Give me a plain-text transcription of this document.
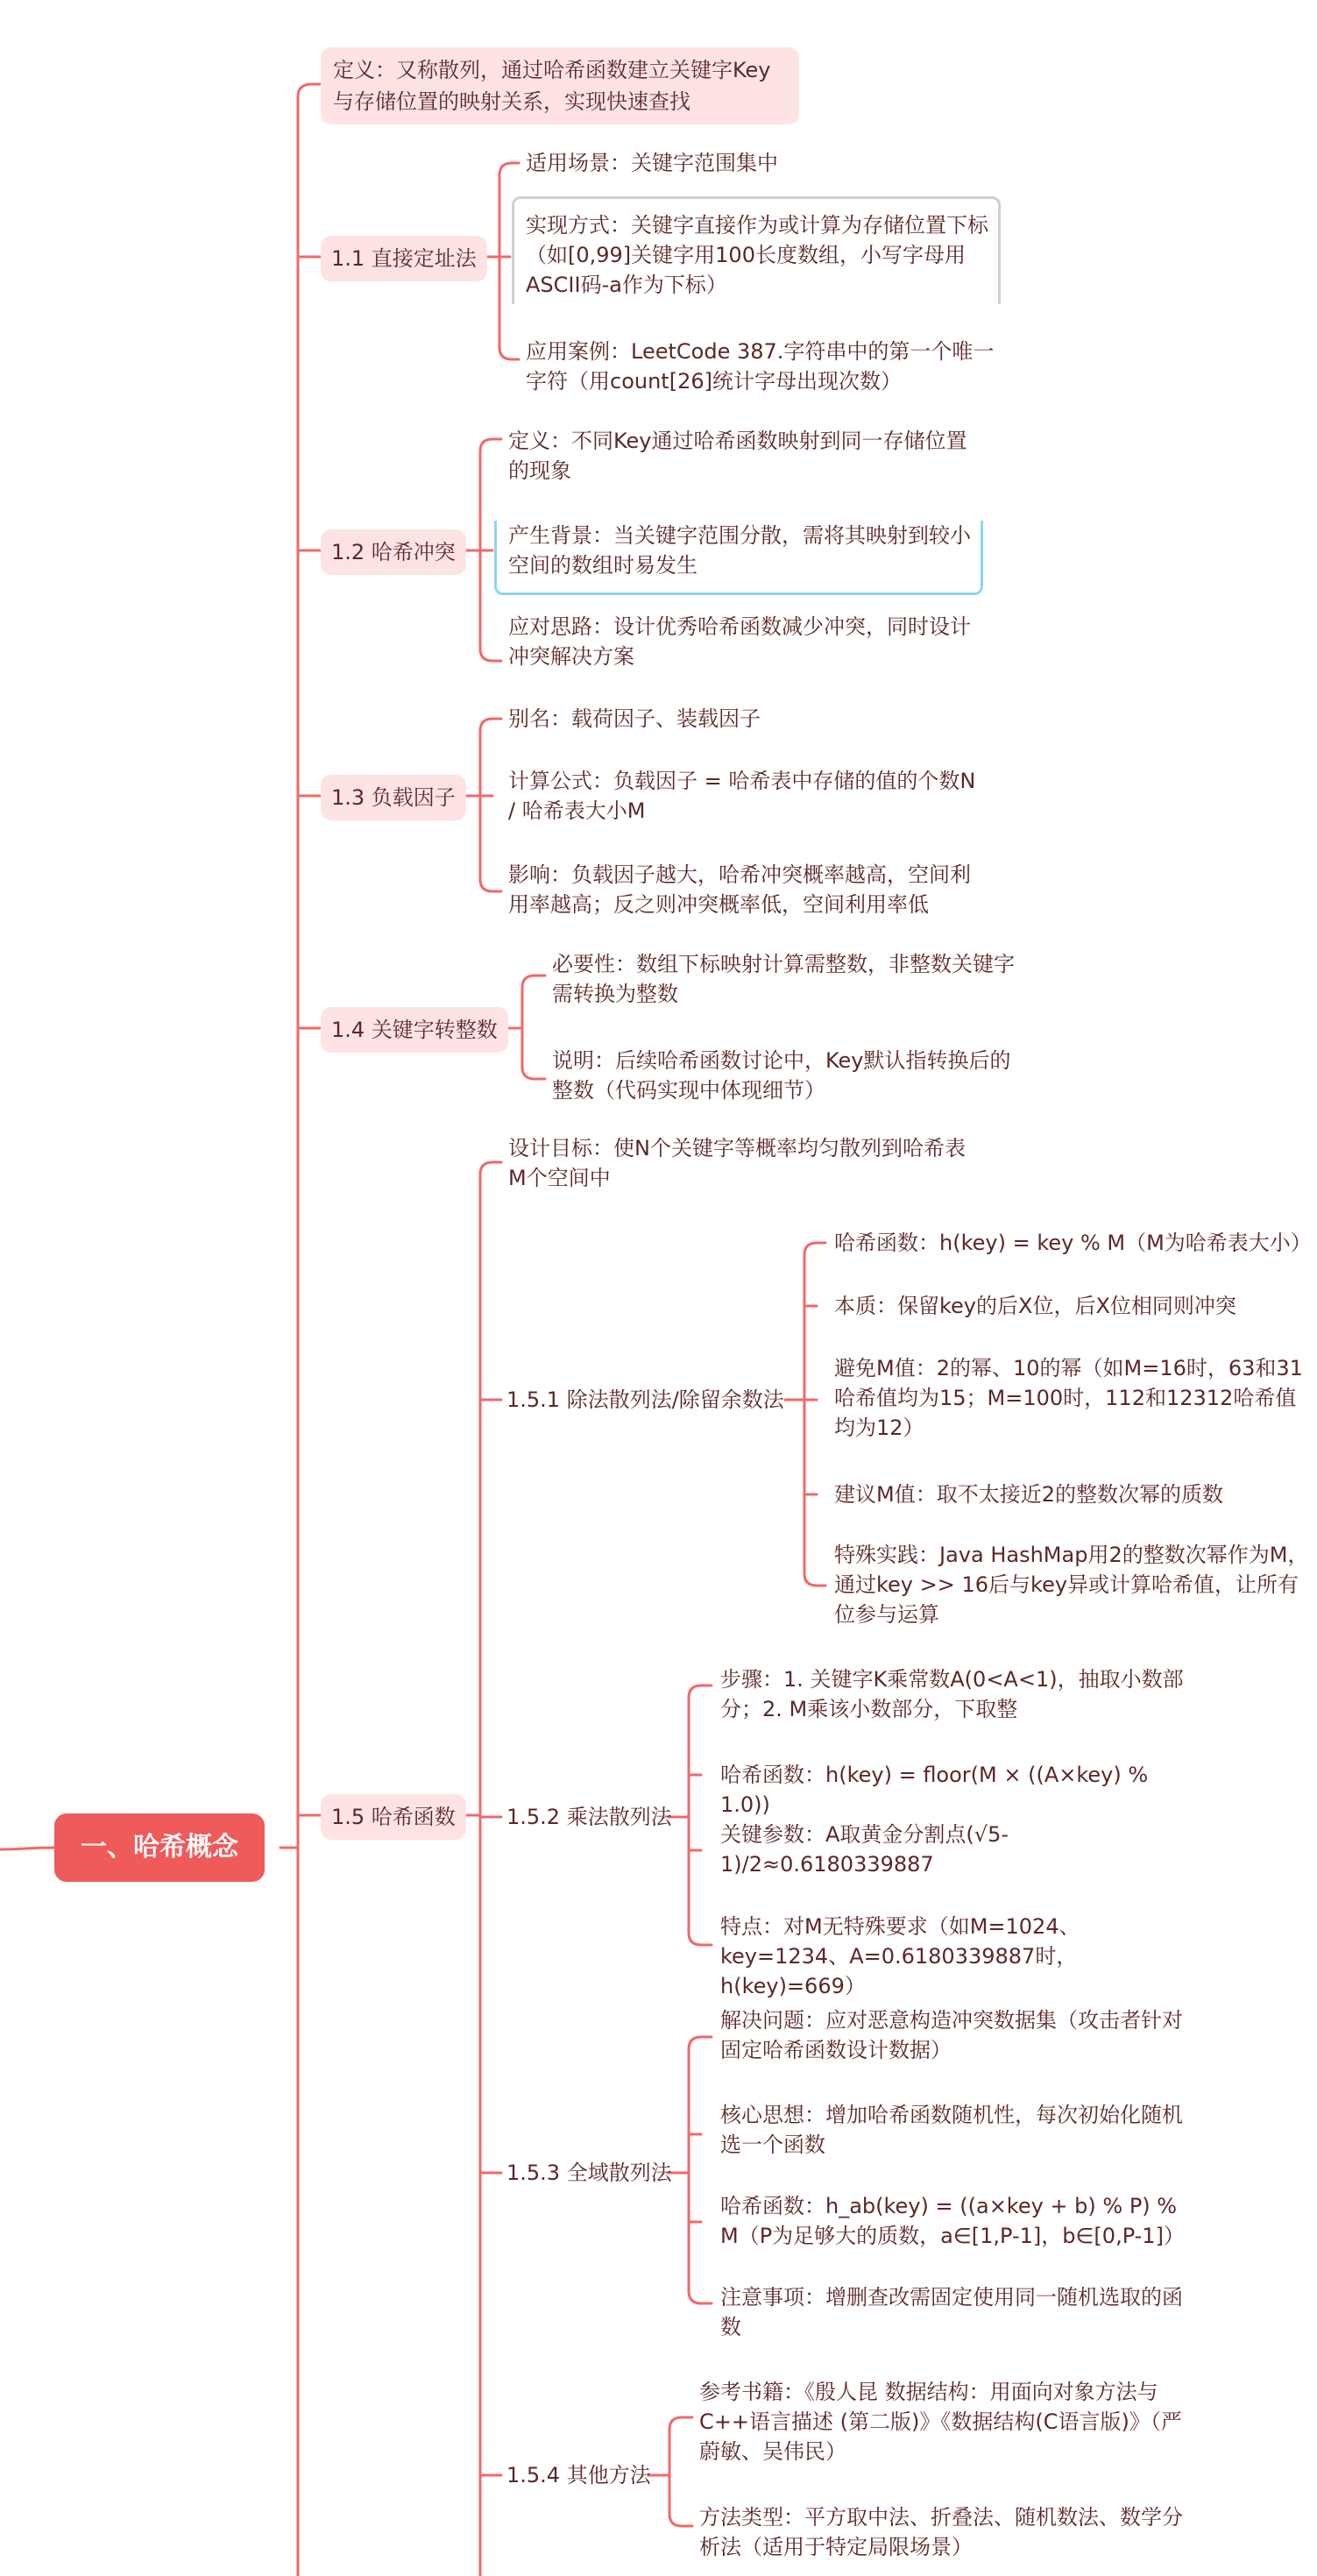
一、哈希概念
定义：又称散列，通过哈希函数建立关键字Key与存储位置的映射关系，实现快速查找
1.1 直接定址法
适用场景：关键字范围集中
实现方式：关键字直接作为或计算为存储位置下标（如[0,99]关键字用100长度数组，小写字母用ASCII码-a作为下标）
应用案例：LeetCode 387.字符串中的第一个唯一字符（用count[26]统计字母出现次数）
1.2 哈希冲突
定义：不同Key通过哈希函数映射到同一存储位置的现象
产生背景：当关键字范围分散，需将其映射到较小空间的数组时易发生
应对思路：设计优秀哈希函数减少冲突，同时设计冲突解决方案
1.3 负载因子
别名：载荷因子、装载因子
计算公式：负载因子 = 哈希表中存储的值的个数N / 哈希表大小M
影响：负载因子越大，哈希冲突概率越高，空间利用率越高；反之则冲突概率低，空间利用率低
1.4 关键字转整数
必要性：数组下标映射计算需整数，非整数关键字需转换为整数
说明：后续哈希函数讨论中，Key默认指转换后的整数（代码实现中体现细节）
1.5 哈希函数
设计目标：使N个关键字等概率均匀散列到哈希表M个空间中
1.5.1 除法散列法/除留余数法
哈希函数：h(key) = key % M（M为哈希表大小）
本质：保留key的后X位，后X位相同则冲突
避免M值：2的幂、10的幂（如M=16时，63和31哈希值均为15；M=100时，112和12312哈希值均为12）
建议M值：取不太接近2的整数次幂的质数
特殊实践：Java HashMap用2的整数次幂作为M，通过key >> 16后与key异或计算哈希值，让所有位参与运算
1.5.2 乘法散列法
步骤：1. 关键字K乘常数A(0<A<1)，抽取小数部分；2. M乘该小数部分，下取整
哈希函数：h(key) = floor(M × ((A×key) % 1.0))
关键参数：A取黄金分割点(√5-1)/2≈0.6180339887
特点：对M无特殊要求（如M=1024、key=1234、A=0.6180339887时，h(key)=669）
1.5.3 全域散列法
解决问题：应对恶意构造冲突数据集（攻击者针对固定哈希函数设计数据）
核心思想：增加哈希函数随机性，每次初始化随机选一个函数
哈希函数：h_ab(key) = ((a×key + b) % P) % M（P为足够大的质数，a∈[1,P-1]，b∈[0,P-1]）
注意事项：增删查改需固定使用同一随机选取的函数
1.5.4 其他方法
参考书籍：《殷人昆 数据结构：用面向对象方法与C++语言描述 (第二版)》《数据结构(C语言版)》（严蔚敏、吴伟民）
方法类型：平方取中法、折叠法、随机数法、数学分析法（适用于特定局限场景）
